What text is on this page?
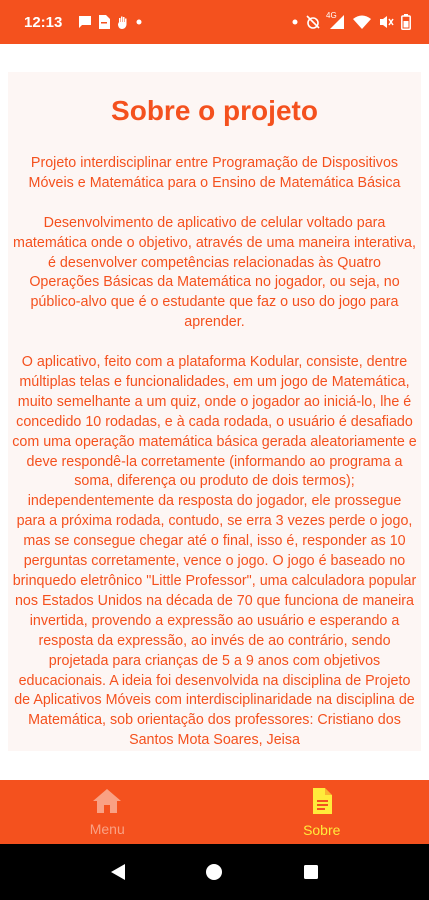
12:13	4G
Sobre o projeto

Projeto interdisciplinar entre Programação de Dispositivos Móveis e Matemática para o Ensino de Matemática Básica

Desenvolvimento de aplicativo de celular voltado para matemática onde o objetivo, através de uma maneira interativa, é desenvolver competências relacionadas às Quatro Operações Básicas da Matemática no jogador, ou seja, no público-alvo que é o estudante que faz o uso do jogo para aprender.

O aplicativo, feito com a plataforma Kodular, consiste, dentre múltiplas telas e funcionalidades, em um jogo de Matemática, muito semelhante a um quiz, onde o jogador ao iniciá-lo, lhe é concedido 10 rodadas, e à cada rodada, o usuário é desafiado com uma operação matemática básica gerada aleatoriamente e deve respondê-la corretamente (informando ao programa a soma, diferença ou produto de dois termos); independentemente da resposta do jogador, ele prossegue para a próxima rodada, contudo, se erra 3 vezes perde o jogo, mas se consegue chegar até o final, isso é, responder as 10 perguntas corretamente, vence o jogo. O jogo é baseado no brinquedo eletrônico "Little Professor", uma calculadora popular nos Estados Unidos na década de 70 que funciona de maneira invertida, provendo a expressão ao usuário e esperando a resposta da expressão, ao invés de ao contrário, sendo projetada para crianças de 5 a 9 anos com objetivos educacionais. A ideia foi desenvolvida na disciplina de Projeto de Aplicativos Móveis com interdisciplinaridade na disciplina de Matemática, sob orientação dos professores: Cristiano dos Santos Mota Soares, Jeisa

Menu	Sobre
